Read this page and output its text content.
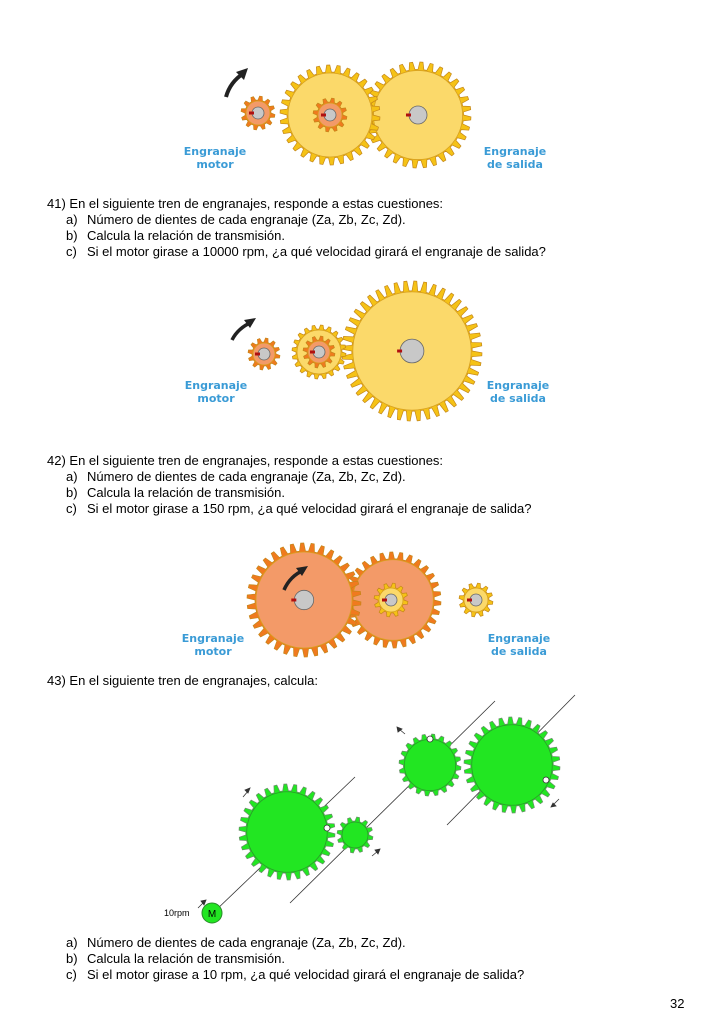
Engranaje
motor
Engranaje
de salida

41) En el siguiente tren de engranajes, responde a estas cuestiones:

a) Número de dientes de cada engranaje (Za, Zb, Zc, Zd).
b) Calcula la relación de transmisión.
c) Si el motor girase a 10000 rpm, ¿a qué velocidad girará el engranaje de salida?
Engranaje
motor
Engranaje
de salida

42) En el siguiente tren de engranajes, responde a estas cuestiones:

a) Número de dientes de cada engranaje (Za, Zb, Zc, Zd).
b) Calcula la relación de transmisión.
c) Si el motor girase a 150 rpm, ¿a qué velocidad girará el engranaje de salida?
Engranaje
motor
Engranaje
de salida

43) En el siguiente tren de engranajes, calcula:

M
10rpm
a) Número de dientes de cada engranaje (Za, Zb, Zc, Zd).
b) Calcula la relación de transmisión.
c) Si el motor girase a 10 rpm, ¿a qué velocidad girará el engranaje de salida?
32
